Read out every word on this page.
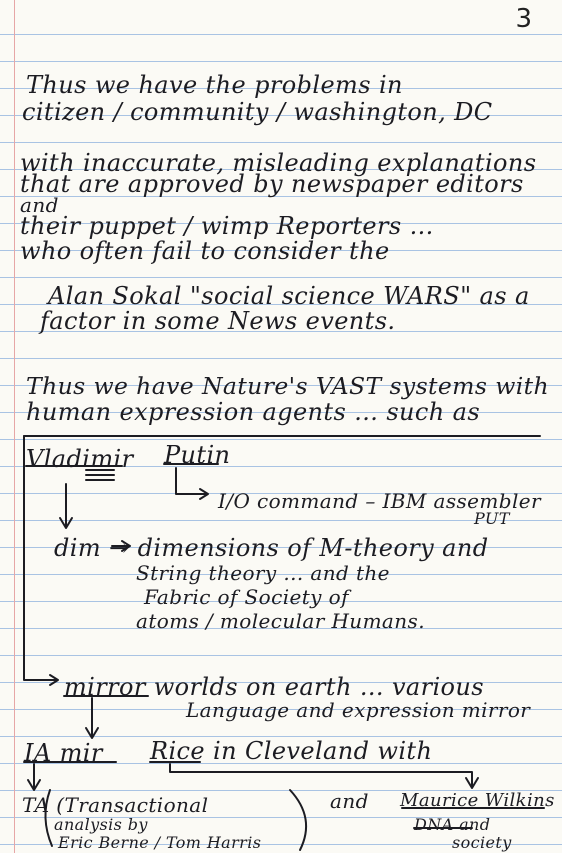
3
Thus we have the problems in
citizen / community / washington, DC
with inaccurate, misleading explanations
that are approved by newspaper editors
and
their puppet / wimp Reporters ...
who often fail to consider the
Alan Sokal "social science WARS" as a
factor in some News events.
Thus we have Nature's VAST systems with
human expression agents ... such as
Vladimir Putin
I/O command – IBM assembler
PUT
dim → dimensions of M-theory and
String theory ... and the
Fabric of Society of
atoms / molecular Humans.
mirror worlds on earth ... various
Language and expression mirror
IA mir Rice in Cleveland with
TA (Transactional
analysis by
Eric Berne / Tom Harris
and Maurice Wilkins
DNA and
society
